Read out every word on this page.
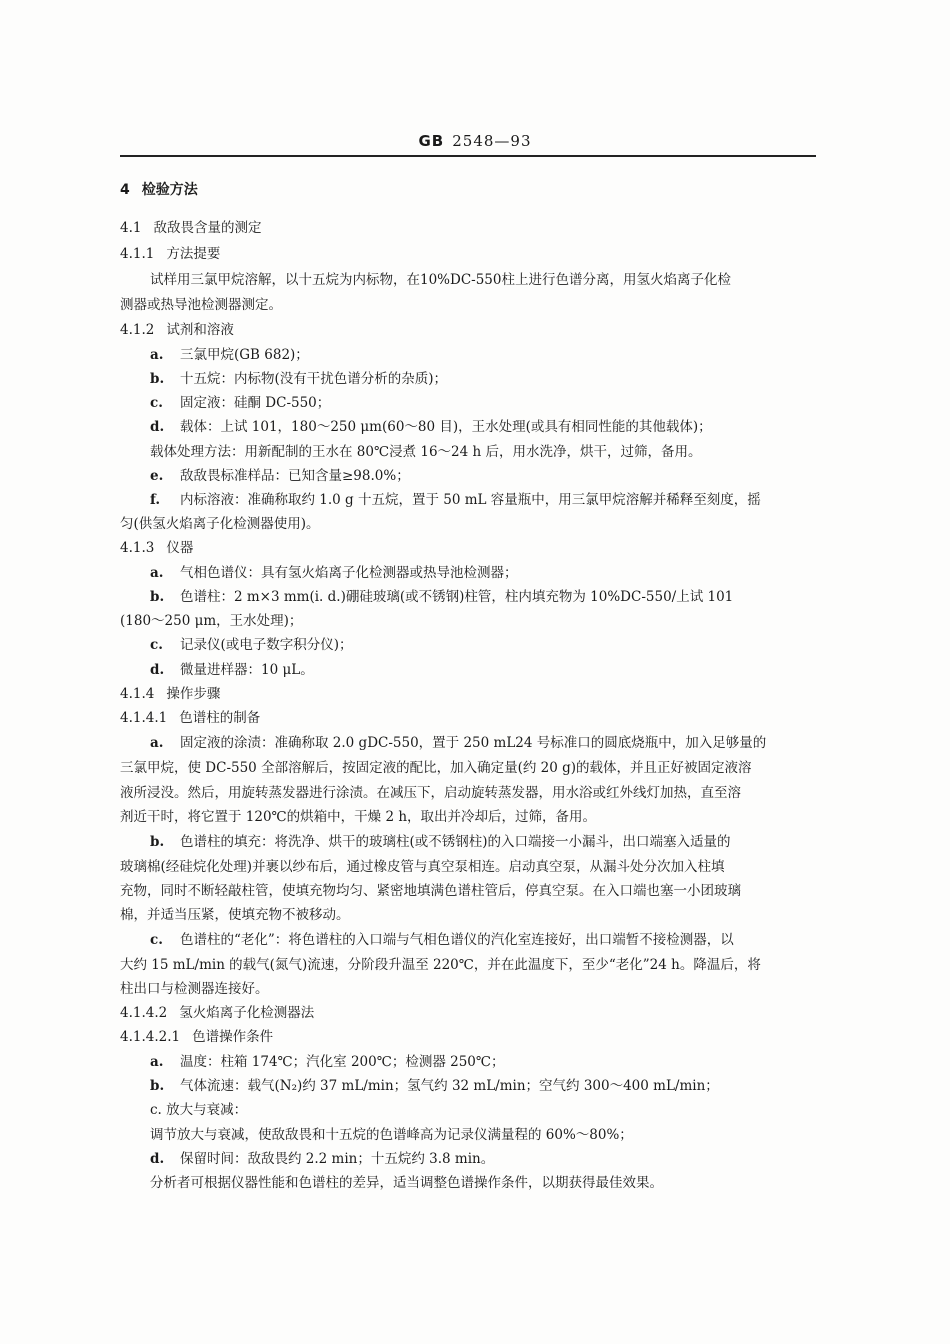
GB 2548—93
4 检验方法
4.1 敌敌畏含量的测定
4.1.1 方法提要
试样用三氯甲烷溶解，以十五烷为内标物，在10%DC-550柱上进行色谱分离，用氢火焰离子化检
测器或热导池检测器测定。
4.1.2 试剂和溶液
a. 三氯甲烷(GB 682)；
b. 十五烷：内标物(没有干扰色谱分析的杂质)；
c. 固定液：硅酮 DC-550；
d. 载体：上试 101，180～250 μm(60～80 目)，王水处理(或具有相同性能的其他载体)；
载体处理方法：用新配制的王水在 80℃浸煮 16～24 h 后，用水洗净，烘干，过筛，备用。
e. 敌敌畏标准样品：已知含量≥98.0%；
f. 内标溶液：准确称取约 1.0 g 十五烷，置于 50 mL 容量瓶中，用三氯甲烷溶解并稀释至刻度，摇
匀(供氢火焰离子化检测器使用)。
4.1.3 仪器
a. 气相色谱仪：具有氢火焰离子化检测器或热导池检测器；
b. 色谱柱：2 m×3 mm(i. d.)硼硅玻璃(或不锈钢)柱管，柱内填充物为 10%DC-550/上试 101
(180～250 μm，王水处理)；
c. 记录仪(或电子数字积分仪)；
d. 微量进样器：10 μL。
4.1.4 操作步骤
4.1.4.1 色谱柱的制备
a. 固定液的涂渍：准确称取 2.0 gDC-550，置于 250 mL24 号标准口的圆底烧瓶中，加入足够量的
三氯甲烷，使 DC-550 全部溶解后，按固定液的配比，加入确定量(约 20 g)的载体，并且正好被固定液溶
液所浸没。然后，用旋转蒸发器进行涂渍。在减压下，启动旋转蒸发器，用水浴或红外线灯加热，直至溶
剂近干时，将它置于 120℃的烘箱中，干燥 2 h，取出并冷却后，过筛，备用。
b. 色谱柱的填充：将洗净、烘干的玻璃柱(或不锈钢柱)的入口端接一小漏斗，出口端塞入适量的
玻璃棉(经硅烷化处理)并裹以纱布后，通过橡皮管与真空泵相连。启动真空泵，从漏斗处分次加入柱填
充物，同时不断轻敲柱管，使填充物均匀、紧密地填满色谱柱管后，停真空泵。在入口端也塞一小团玻璃
棉，并适当压紧，使填充物不被移动。
c. 色谱柱的“老化”：将色谱柱的入口端与气相色谱仪的汽化室连接好，出口端暂不接检测器，以
大约 15 mL/min 的载气(氮气)流速，分阶段升温至 220℃，并在此温度下，至少“老化”24 h。降温后，将
柱出口与检测器连接好。
4.1.4.2 氢火焰离子化检测器法
4.1.4.2.1 色谱操作条件
a. 温度：柱箱 174℃；汽化室 200℃；检测器 250℃；
b. 气体流速：载气(N₂)约 37 mL/min；氢气约 32 mL/min；空气约 300～400 mL/min；
c. 放大与衰减：
调节放大与衰减，使敌敌畏和十五烷的色谱峰高为记录仪满量程的 60%～80%；
d. 保留时间：敌敌畏约 2.2 min；十五烷约 3.8 min。
分析者可根据仪器性能和色谱柱的差异，适当调整色谱操作条件，以期获得最佳效果。
